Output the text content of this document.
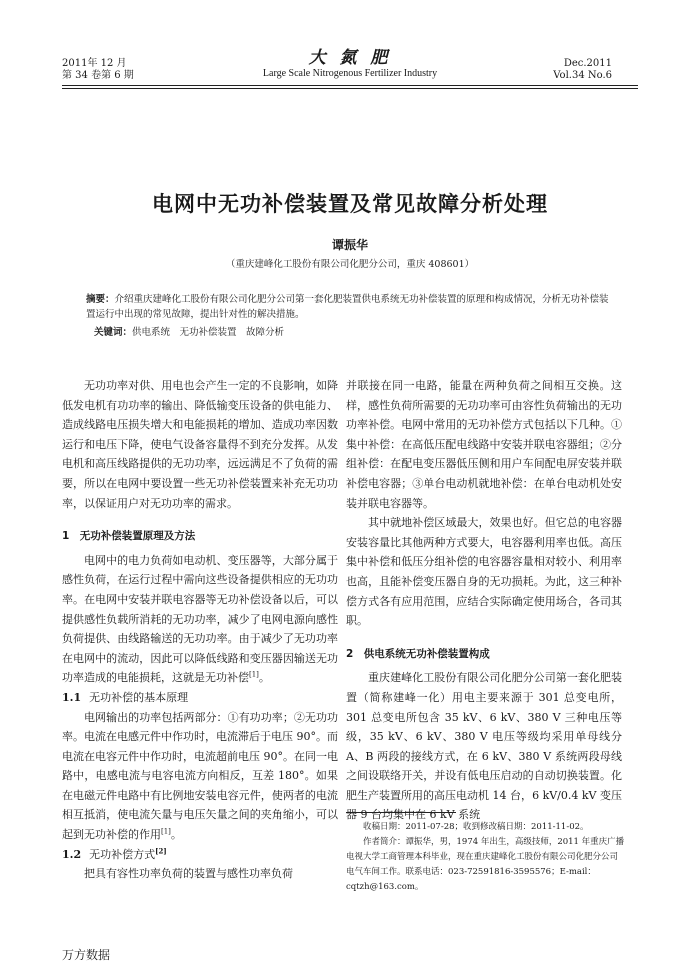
2011年 12 月
第 34 卷第 6 期
大 氮 肥
Large Scale Nitrogenous Fertilizer Industry
Dec.2011
Vol.34 No.6
电网中无功补偿装置及常见故障分析处理
谭振华
（重庆建峰化工股份有限公司化肥分公司，重庆 408601）
摘要：介绍重庆建峰化工股份有限公司化肥分公司第一套化肥装置供电系统无功补偿装置的原理和构成情况，分析无功补偿装置运行中出现的常见故障，提出针对性的解决措施。
关键词：供电系统　无功补偿装置　故障分析

无功功率对供、用电也会产生一定的不良影响，如降低发电机有功功率的输出、降低输变压设备的供电能力、造成线路电压损失增大和电能损耗的增加、造成功率因数运行和电压下降，使电气设备容量得不到充分发挥。从发电机和高压线路提供的无功功率，远远满足不了负荷的需要，所以在电网中要设置一些无功补偿装置来补充无功功率，以保证用户对无功功率的需求。

1　无功补偿装置原理及方法

电网中的电力负荷如电动机、变压器等，大部分属于感性负荷，在运行过程中需向这些设备提供相应的无功功率。在电网中安装并联电容器等无功补偿设备以后，可以提供感性负载所消耗的无功功率，减少了电网电源向感性负荷提供、由线路输送的无功功率。由于减少了无功功率在电网中的流动，因此可以降低线路和变压器因输送无功功率造成的电能损耗，这就是无功补偿[1]。

1.1 无功补偿的基本原理

电网输出的功率包括两部分：①有功功率；②无功功率。电流在电感元件中作功时，电流滞后于电压 90°。而电流在电容元件中作功时，电流超前电压 90°。在同一电路中，电感电流与电容电流方向相反，互差 180°。如果在电磁元件电路中有比例地安装电容元件，使两者的电流相互抵消，使电流矢量与电压矢量之间的夹角缩小，可以起到无功补偿的作用[1]。

1.2 无功补偿方式[2]

把具有容性功率负荷的装置与感性功率负荷

并联接在同一电路，能量在两种负荷之间相互交换。这样，感性负荷所需要的无功功率可由容性负荷输出的无功功率补偿。电网中常用的无功补偿方式包括以下几种。①集中补偿：在高低压配电线路中安装并联电容器组；②分组补偿：在配电变压器低压侧和用户车间配电屏安装并联补偿电容器；③单台电动机就地补偿：在单台电动机处安装并联电容器等。

其中就地补偿区域最大，效果也好。但它总的电容器安装容量比其他两种方式要大，电容器利用率也低。高压集中补偿和低压分组补偿的电容器容量相对较小、利用率也高，且能补偿变压器自身的无功损耗。为此，这三种补偿方式各有应用范围，应结合实际确定使用场合，各司其职。

2　供电系统无功补偿装置构成

重庆建峰化工股份有限公司化肥分公司第一套化肥装置（简称建峰一化）用电主要来源于 301 总变电所，301 总变电所包含 35 kV、6 kV、380 V 三种电压等级，35 kV、6 kV、380 V 电压等级均采用单母线分 A、B 两段的接线方式，在 6 kV、380 V 系统两段母线之间设联络开关，并设有低电压启动的自动切换装置。化肥生产装置所用的高压电动机 14 台，6 kV/0.4 kV 变压器 9 台均集中在 6 kV 系统

收稿日期：2011-07-28；收到修改稿日期：2011-11-02。

作者简介：谭振华，男，1974 年出生，高级技师，2011 年重庆广播电视大学工商管理本科毕业，现在重庆建峰化工股份有限公司化肥分公司电气车间工作。联系电话：023-72591816-3595576；E-mail：cqtzh@163.com。

万方数据
